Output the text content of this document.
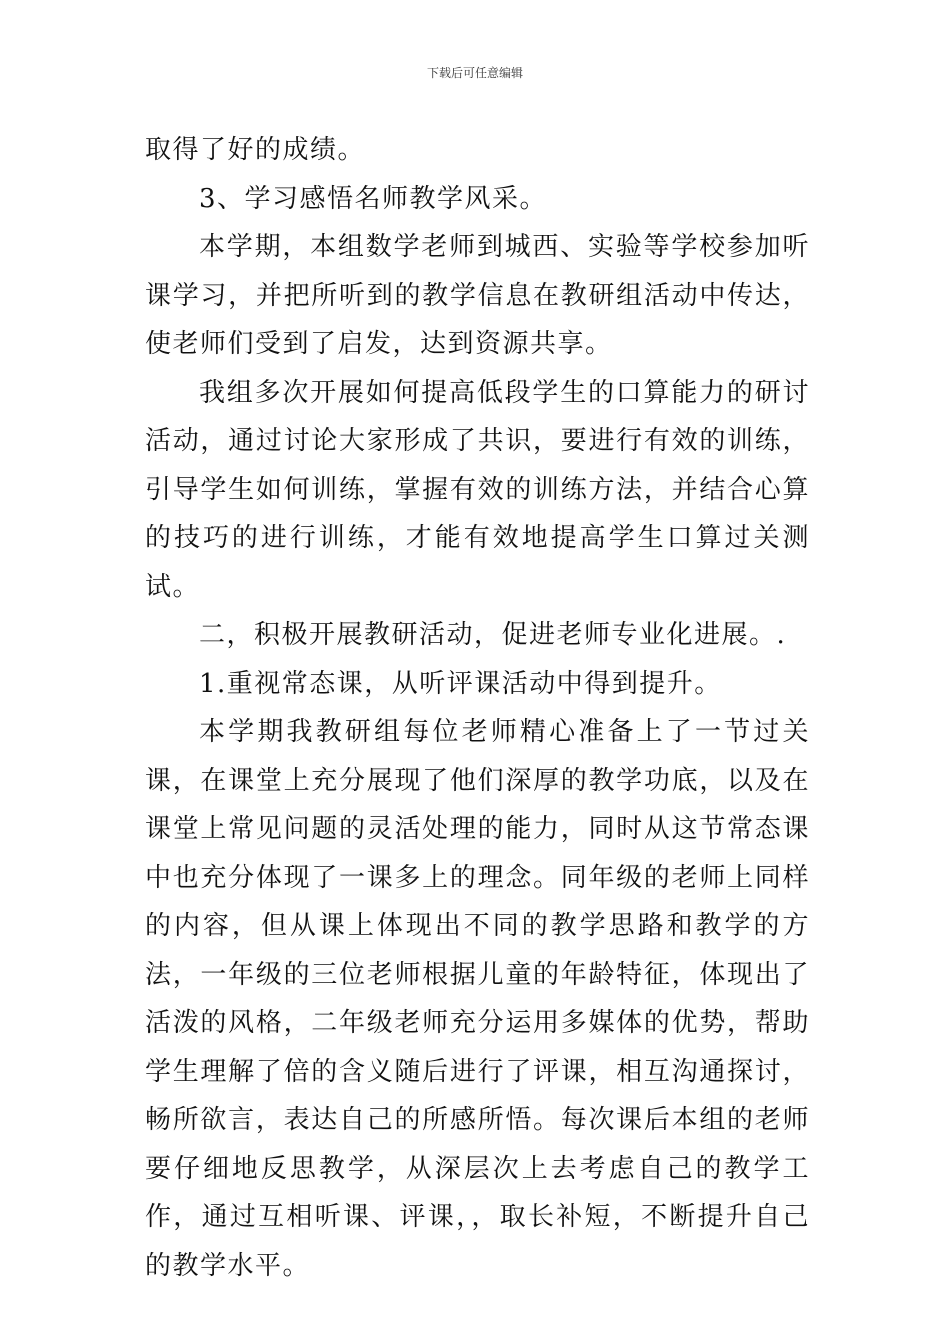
下载后可任意编辑

取得了好的成绩。

3、学习感悟名师教学风采。

本学期，本组数学老师到城西、实验等学校参加听课学习，并把所听到的教学信息在教研组活动中传达，使老师们受到了启发，达到资源共享。

我组多次开展如何提高低段学生的口算能力的研讨活动，通过讨论大家形成了共识，要进行有效的训练，引导学生如何训练，掌握有效的训练方法，并结合心算的技巧的进行训练，才能有效地提高学生口算过关测试。

二，积极开展教研活动，促进老师专业化进展。.

1.重视常态课，从听评课活动中得到提升。

本学期我教研组每位老师精心准备上了一节过关课，在课堂上充分展现了他们深厚的教学功底，以及在课堂上常见问题的灵活处理的能力，同时从这节常态课中也充分体现了一课多上的理念。同年级的老师上同样的内容，但从课上体现出不同的教学思路和教学的方法，一年级的三位老师根据儿童的年龄特征，体现出了活泼的风格，二年级老师充分运用多媒体的优势，帮助学生理解了倍的含义随后进行了评课，相互沟通探讨，畅所欲言，表达自己的所感所悟。每次课后本组的老师要仔细地反思教学，从深层次上去考虑自己的教学工作，通过互相听课、评课，，取长补短，不断提升自己的教学水平。
